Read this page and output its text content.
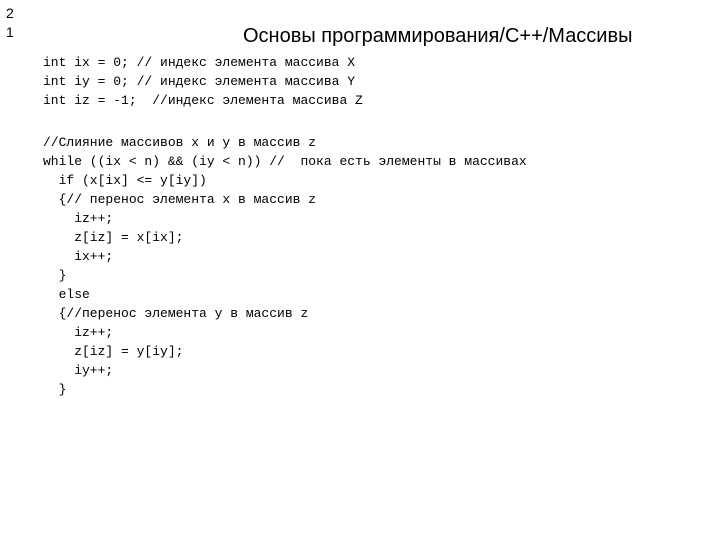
2
1	Основы программирования/C++/Массивы
int ix = 0; // индекс элемента массива X
int iy = 0; // индекс элемента массива Y
int iz = -1;  //индекс элемента массива Z
//Слияние массивов x и y в массив z
while ((ix < n) && (iy < n)) //  пока есть элементы в массивах
if (x[ix] <= y[iy])
{// перенос элемента x в массив z
iz++;
z[iz] = x[ix];
ix++;
}
else
{//перенос элемента y в массив z
iz++;
z[iz] = y[iy];
iy++;
}
